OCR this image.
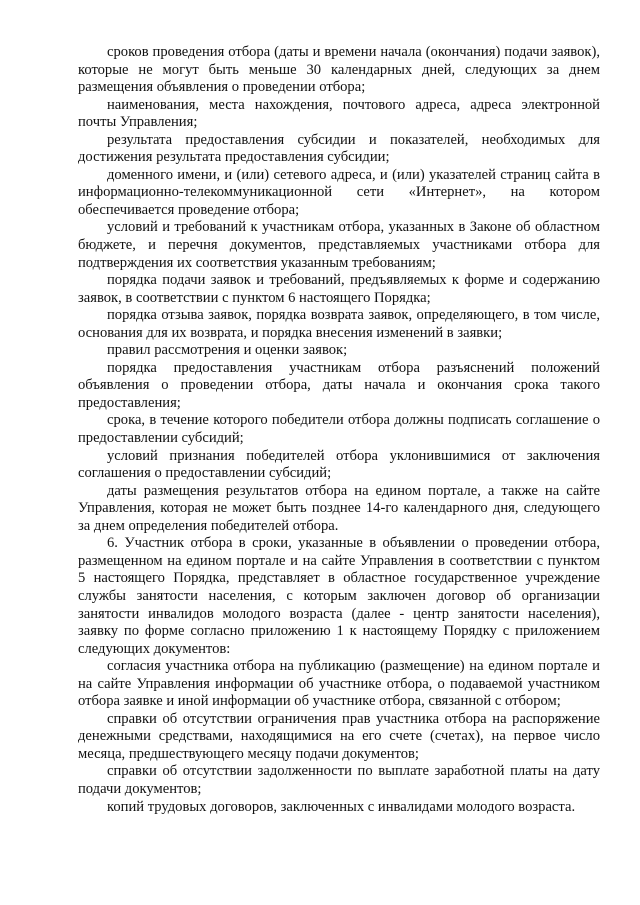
сроков проведения отбора (даты и времени начала (окончания) подачи заявок), которые не могут быть меньше 30 календарных дней, следующих за днем размещения объявления о проведении отбора;

наименования, места нахождения, почтового адреса, адреса электронной почты Управления;

результата предоставления субсидии и показателей, необходимых для достижения результата предоставления субсидии;

доменного имени, и (или) сетевого адреса, и (или) указателей страниц сайта в информационно-телекоммуникационной сети «Интернет», на котором обеспечивается проведение отбора;

условий и требований к участникам отбора, указанных в Законе об областном бюджете, и перечня документов, представляемых участниками отбора для подтверждения их соответствия указанным требованиям;

порядка подачи заявок и требований, предъявляемых к форме и содержанию заявок, в соответствии с пунктом 6 настоящего Порядка;

порядка отзыва заявок, порядка возврата заявок, определяющего, в том числе, основания для их возврата, и порядка внесения изменений в заявки;

правил рассмотрения и оценки заявок;

порядка предоставления участникам отбора разъяснений положений объявления о проведении отбора, даты начала и окончания срока такого предоставления;

срока, в течение которого победители отбора должны подписать соглашение о предоставлении субсидий;

условий признания победителей отбора уклонившимися от заключения соглашения о предоставлении субсидий;

даты размещения результатов отбора на едином портале, а также на сайте Управления, которая не может быть позднее 14-го календарного дня, следующего за днем определения победителей отбора.

6. Участник отбора в сроки, указанные в объявлении о проведении отбора, размещенном на едином портале и на сайте Управления в соответствии с пунктом 5 настоящего Порядка, представляет в областное государственное учреждение службы занятости населения, с которым заключен договор об организации занятости инвалидов молодого возраста (далее - центр занятости населения), заявку по форме согласно приложению 1 к настоящему Порядку с приложением следующих документов:

согласия участника отбора на публикацию (размещение) на едином портале и на сайте Управления информации об участнике отбора, о подаваемой участником отбора заявке и иной информации об участнике отбора, связанной с отбором;

справки об отсутствии ограничения прав участника отбора на распоряжение денежными средствами, находящимися на его счете (счетах), на первое число месяца, предшествующего месяцу подачи документов;

справки об отсутствии задолженности по выплате заработной платы на дату подачи документов;

копий трудовых договоров, заключенных с инвалидами молодого возраста.
